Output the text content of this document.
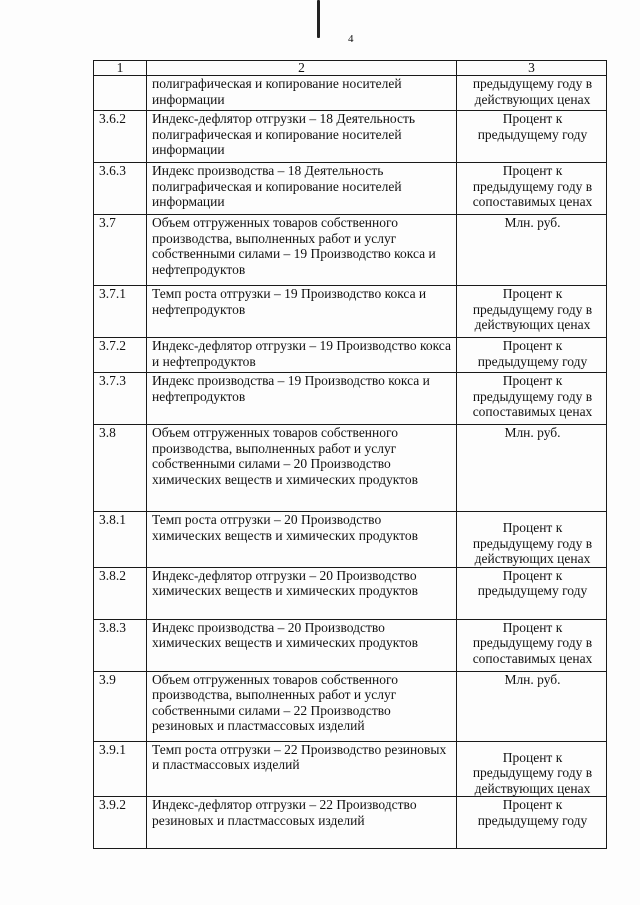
4
1	2	3
	полиграфическая и копирование носителей информации	предыдущему году в действующих ценах
3.6.2	Индекс-дефлятор отгрузки – 18 Деятельность полиграфическая и копирование носителей информации	Процент к предыдущему году
3.6.3	Индекс производства – 18 Деятельность полиграфическая и копирование носителей информации	Процент к предыдущему году в сопоставимых ценах
3.7	Объем отгруженных товаров собственного производства, выполненных работ и услуг собственными силами – 19 Производство кокса и нефтепродуктов	Млн. руб.
3.7.1	Темп роста отгрузки – 19 Производство кокса и нефтепродуктов	Процент к предыдущему году в действующих ценах
3.7.2	Индекс-дефлятор отгрузки – 19 Производство кокса и нефтепродуктов	Процент к предыдущему году
3.7.3	Индекс производства – 19 Производство кокса и нефтепродуктов	Процент к предыдущему году в сопоставимых ценах
3.8	Объем отгруженных товаров собственного производства, выполненных работ и услуг собственными силами – 20 Производство химических веществ и химических продуктов	Млн. руб.
3.8.1	Темп роста отгрузки – 20 Производство химических веществ и химических продуктов	Процент к предыдущему году в действующих ценах
3.8.2	Индекс-дефлятор отгрузки – 20 Производство химических веществ и химических продуктов	Процент к предыдущему году
3.8.3	Индекс производства – 20 Производство химических веществ и химических продуктов	Процент к предыдущему году в сопоставимых ценах
3.9	Объем отгруженных товаров собственного производства, выполненных работ и услуг собственными силами – 22 Производство резиновых и пластмассовых изделий	Млн. руб.
3.9.1	Темп роста отгрузки – 22 Производство резиновых и пластмассовых изделий	Процент к предыдущему году в действующих ценах
3.9.2	Индекс-дефлятор отгрузки – 22 Производство резиновых и пластмассовых изделий	Процент к предыдущему году
